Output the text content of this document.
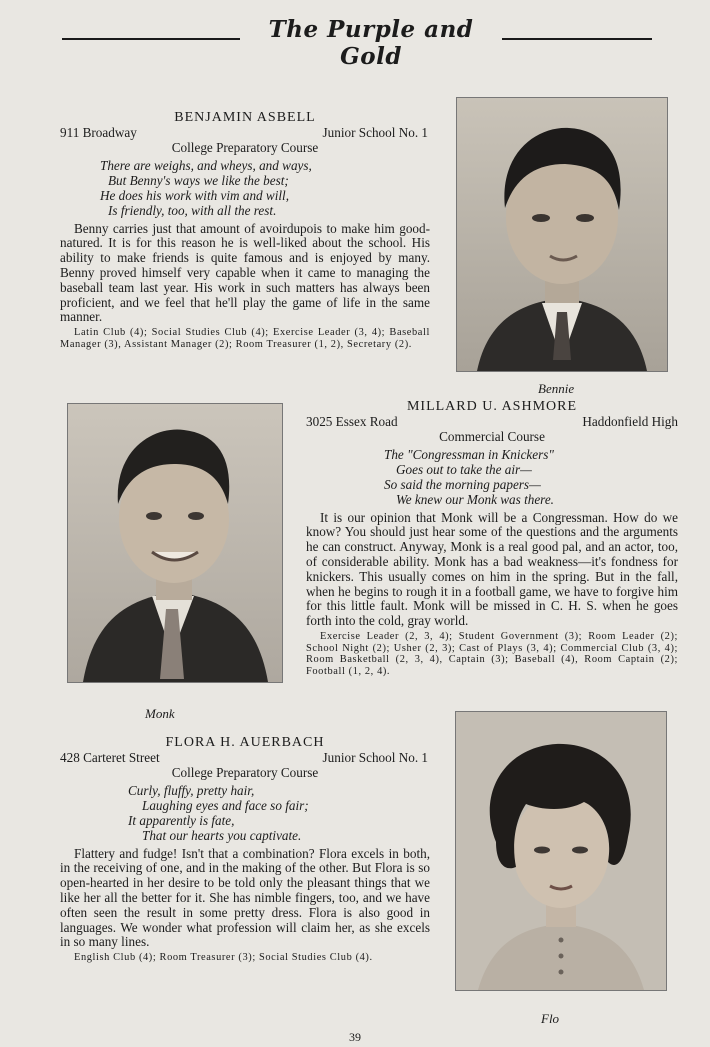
The Purple and Gold
BENJAMIN ASBELL
911 Broadway	Junior School No. 1
College Preparatory Course
There are weighs, and wheys, and ways,
But Benny's ways we like the best;
He does his work with vim and will,
Is friendly, too, with all the rest.
Benny carries just that amount of avoirdupois to make him good-natured. It is for this reason he is well-liked about the school. His ability to make friends is quite famous and is enjoyed by many. Benny proved himself very capable when it came to managing the baseball team last year. His work in such matters has always been proficient, and we feel that he'll play the game of life in the same manner.
Latin Club (4); Social Studies Club (4); Exercise Leader (3, 4); Baseball Manager (3), Assistant Manager (2); Room Treasurer (1, 2), Secretary (2).
Bennie
Monk
MILLARD U. ASHMORE
3025 Essex Road	Haddonfield High
Commercial Course
The "Congressman in Knickers"
Goes out to take the air—
So said the morning papers—
We knew our Monk was there.
It is our opinion that Monk will be a Congressman. How do we know? You should just hear some of the questions and the arguments he can construct. Anyway, Monk is a real good pal, and an actor, too, of considerable ability. Monk has a bad weakness—it's fondness for knickers. This usually comes on him in the spring. But in the fall, when he begins to rough it in a football game, we have to forgive him for this little fault. Monk will be missed in C. H. S. when he goes forth into the cold, gray world.
Exercise Leader (2, 3, 4); Student Government (3); Room Leader (2); School Night (2); Usher (2, 3); Cast of Plays (3, 4); Commercial Club (3, 4); Room Basketball (2, 3, 4), Captain (3); Baseball (4), Room Captain (2); Football (1, 2, 4).
FLORA H. AUERBACH
428 Carteret Street	Junior School No. 1
College Preparatory Course
Curly, fluffy, pretty hair,
Laughing eyes and face so fair;
It apparently is fate,
That our hearts you captivate.
Flattery and fudge! Isn't that a combination? Flora excels in both, in the receiving of one, and in the making of the other. But Flora is so open-hearted in her desire to be told only the pleasant things that we like her all the better for it. She has nimble fingers, too, and we have often seen the result in some pretty dress. Flora is also good in languages. We wonder what profession will claim her, as she excels in so many lines.
English Club (4); Room Treasurer (3); Social Studies Club (4).
Flo
39
